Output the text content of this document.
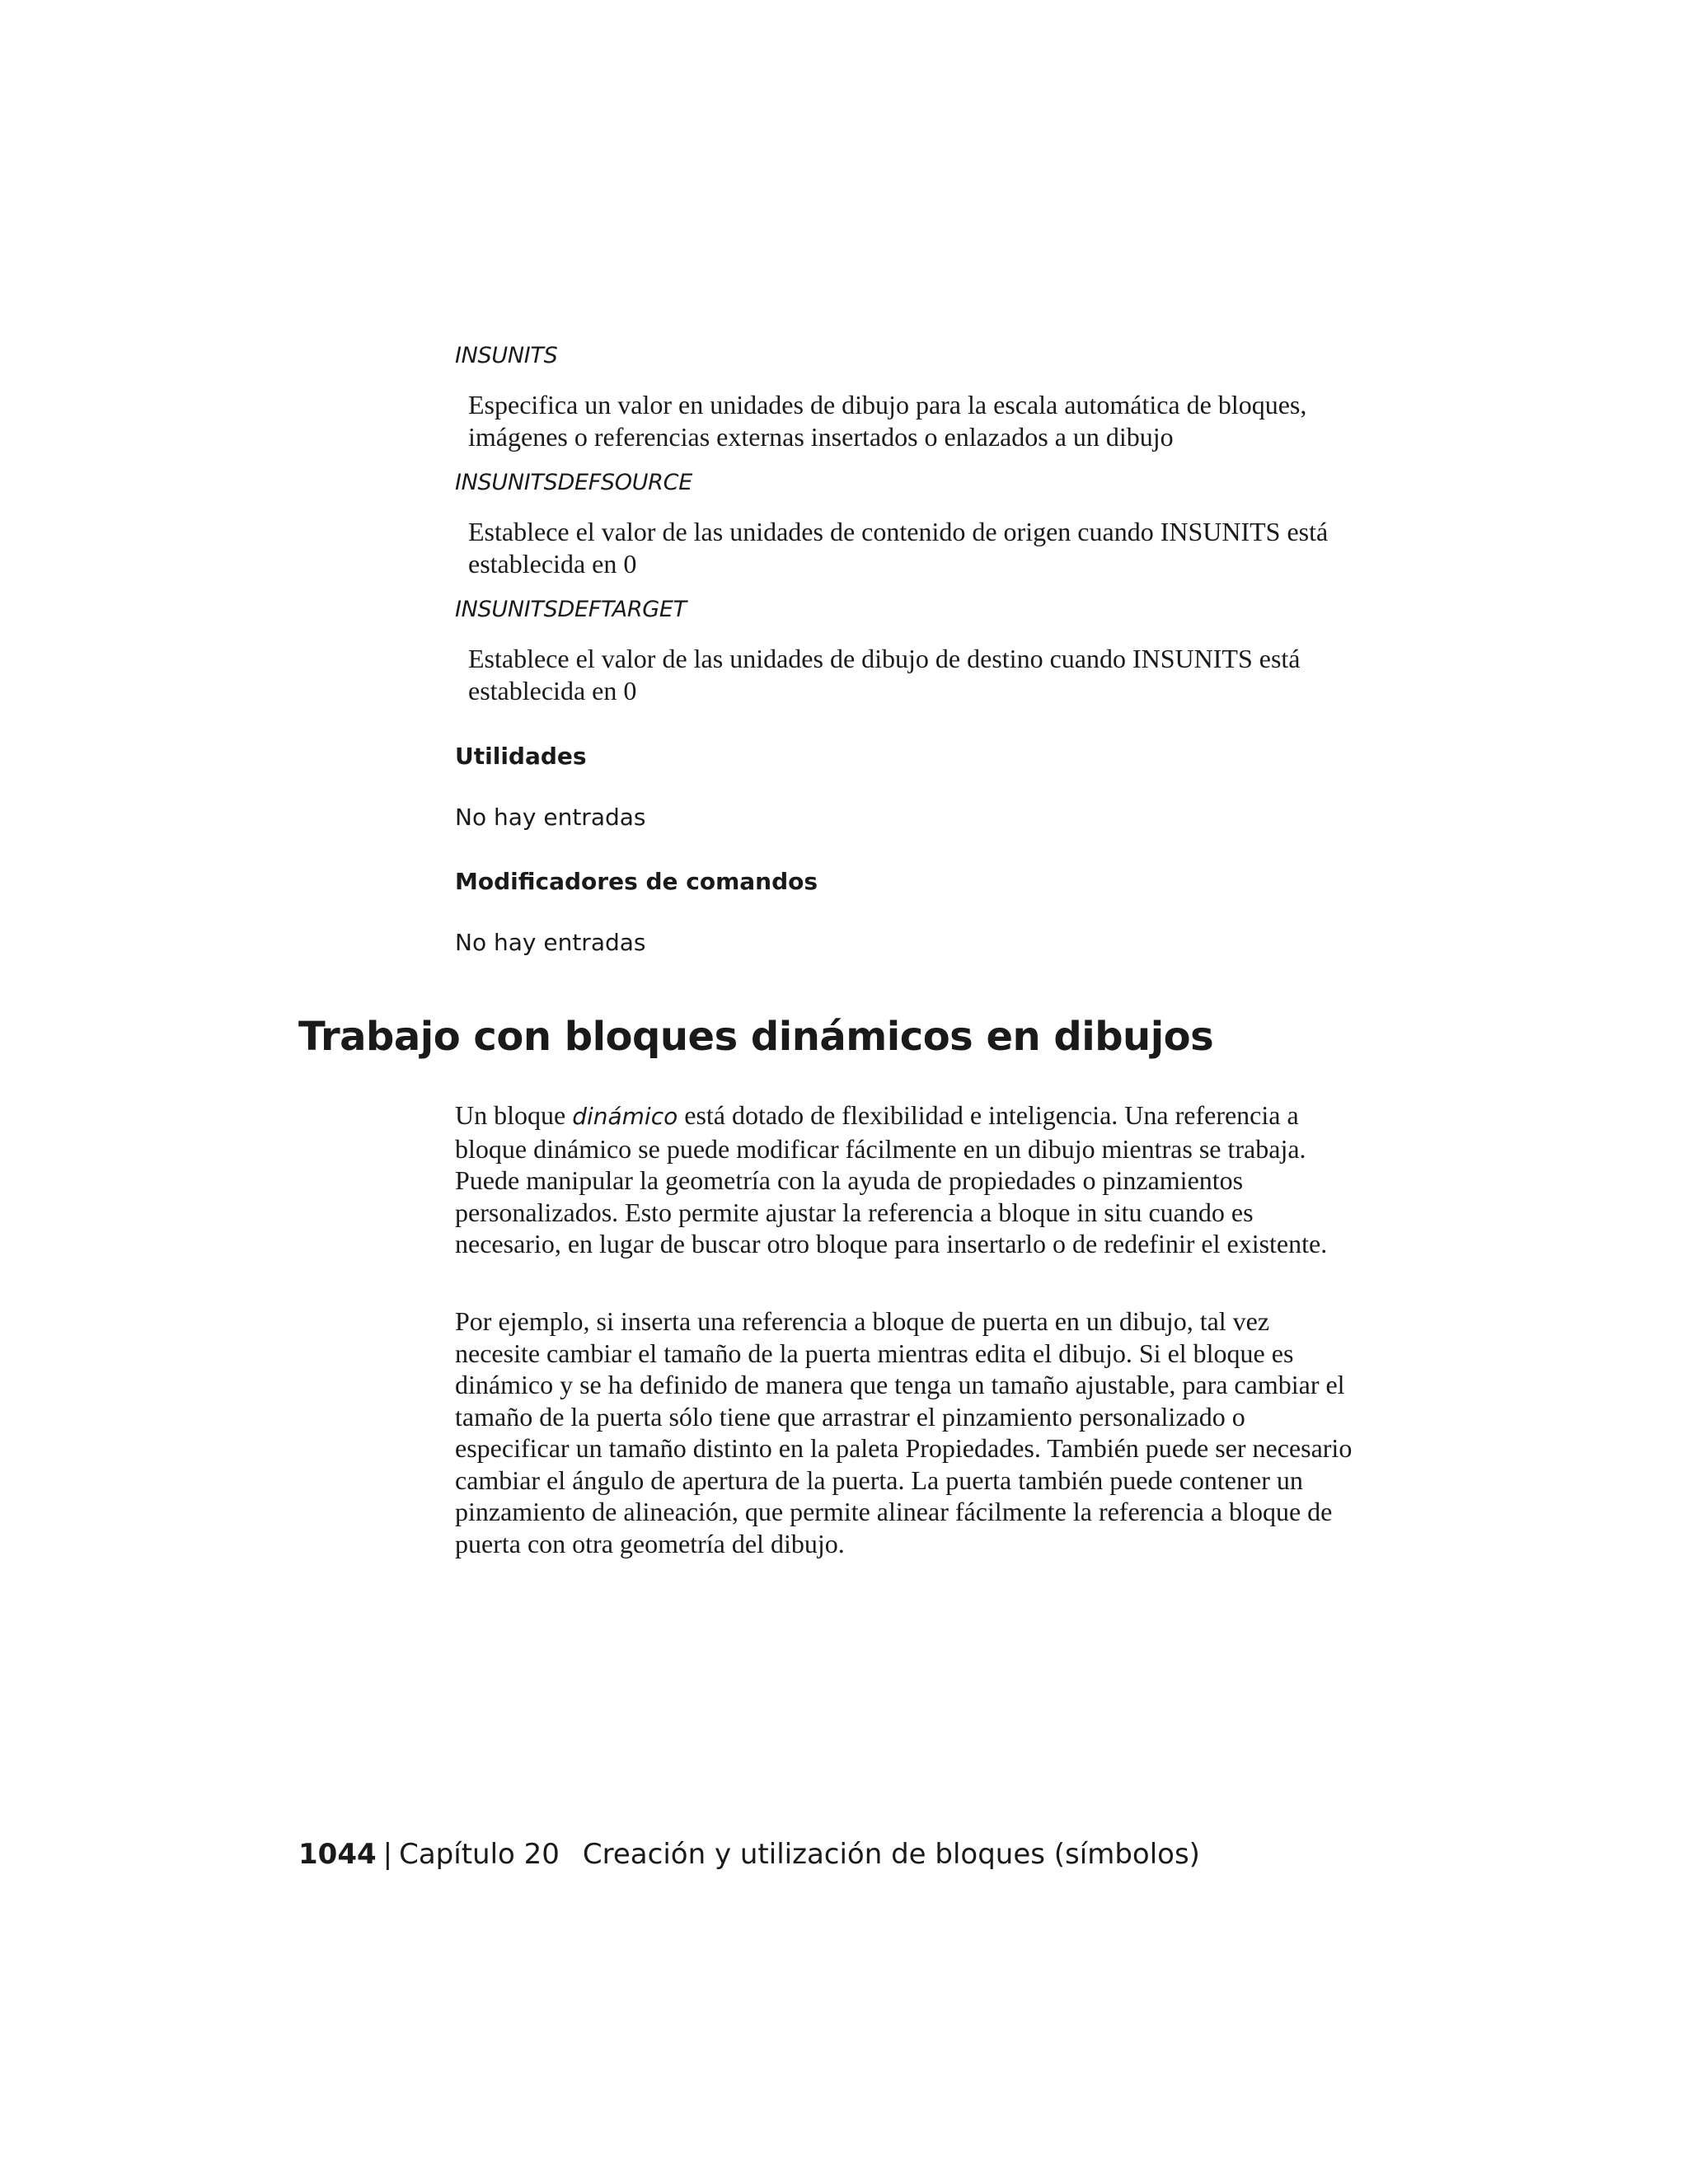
INSUNITS
Especifica un valor en unidades de dibujo para la escala automática de bloques, imágenes o referencias externas insertados o enlazados a un dibujo
INSUNITSDEFSOURCE
Establece el valor de las unidades de contenido de origen cuando INSUNITS está establecida en 0
INSUNITSDEFTARGET
Establece el valor de las unidades de dibujo de destino cuando INSUNITS está establecida en 0
Utilidades
No hay entradas
Modificadores de comandos
No hay entradas
Trabajo con bloques dinámicos en dibujos

Un bloque dinámico está dotado de flexibilidad e inteligencia. Una referencia a bloque dinámico se puede modificar fácilmente en un dibujo mientras se trabaja. Puede manipular la geometría con la ayuda de propiedades o pinzamientos personalizados. Esto permite ajustar la referencia a bloque in situ cuando es necesario, en lugar de buscar otro bloque para insertarlo o de redefinir el existente.

Por ejemplo, si inserta una referencia a bloque de puerta en un dibujo, tal vez necesite cambiar el tamaño de la puerta mientras edita el dibujo. Si el bloque es dinámico y se ha definido de manera que tenga un tamaño ajustable, para cambiar el tamaño de la puerta sólo tiene que arrastrar el pinzamiento personalizado o especificar un tamaño distinto en la paleta Propiedades. También puede ser necesario cambiar el ángulo de apertura de la puerta. La puerta también puede contener un pinzamiento de alineación, que permite alinear fácilmente la referencia a bloque de puerta con otra geometría del dibujo.

1044 | Capítulo 20 Creación y utilización de bloques (símbolos)
